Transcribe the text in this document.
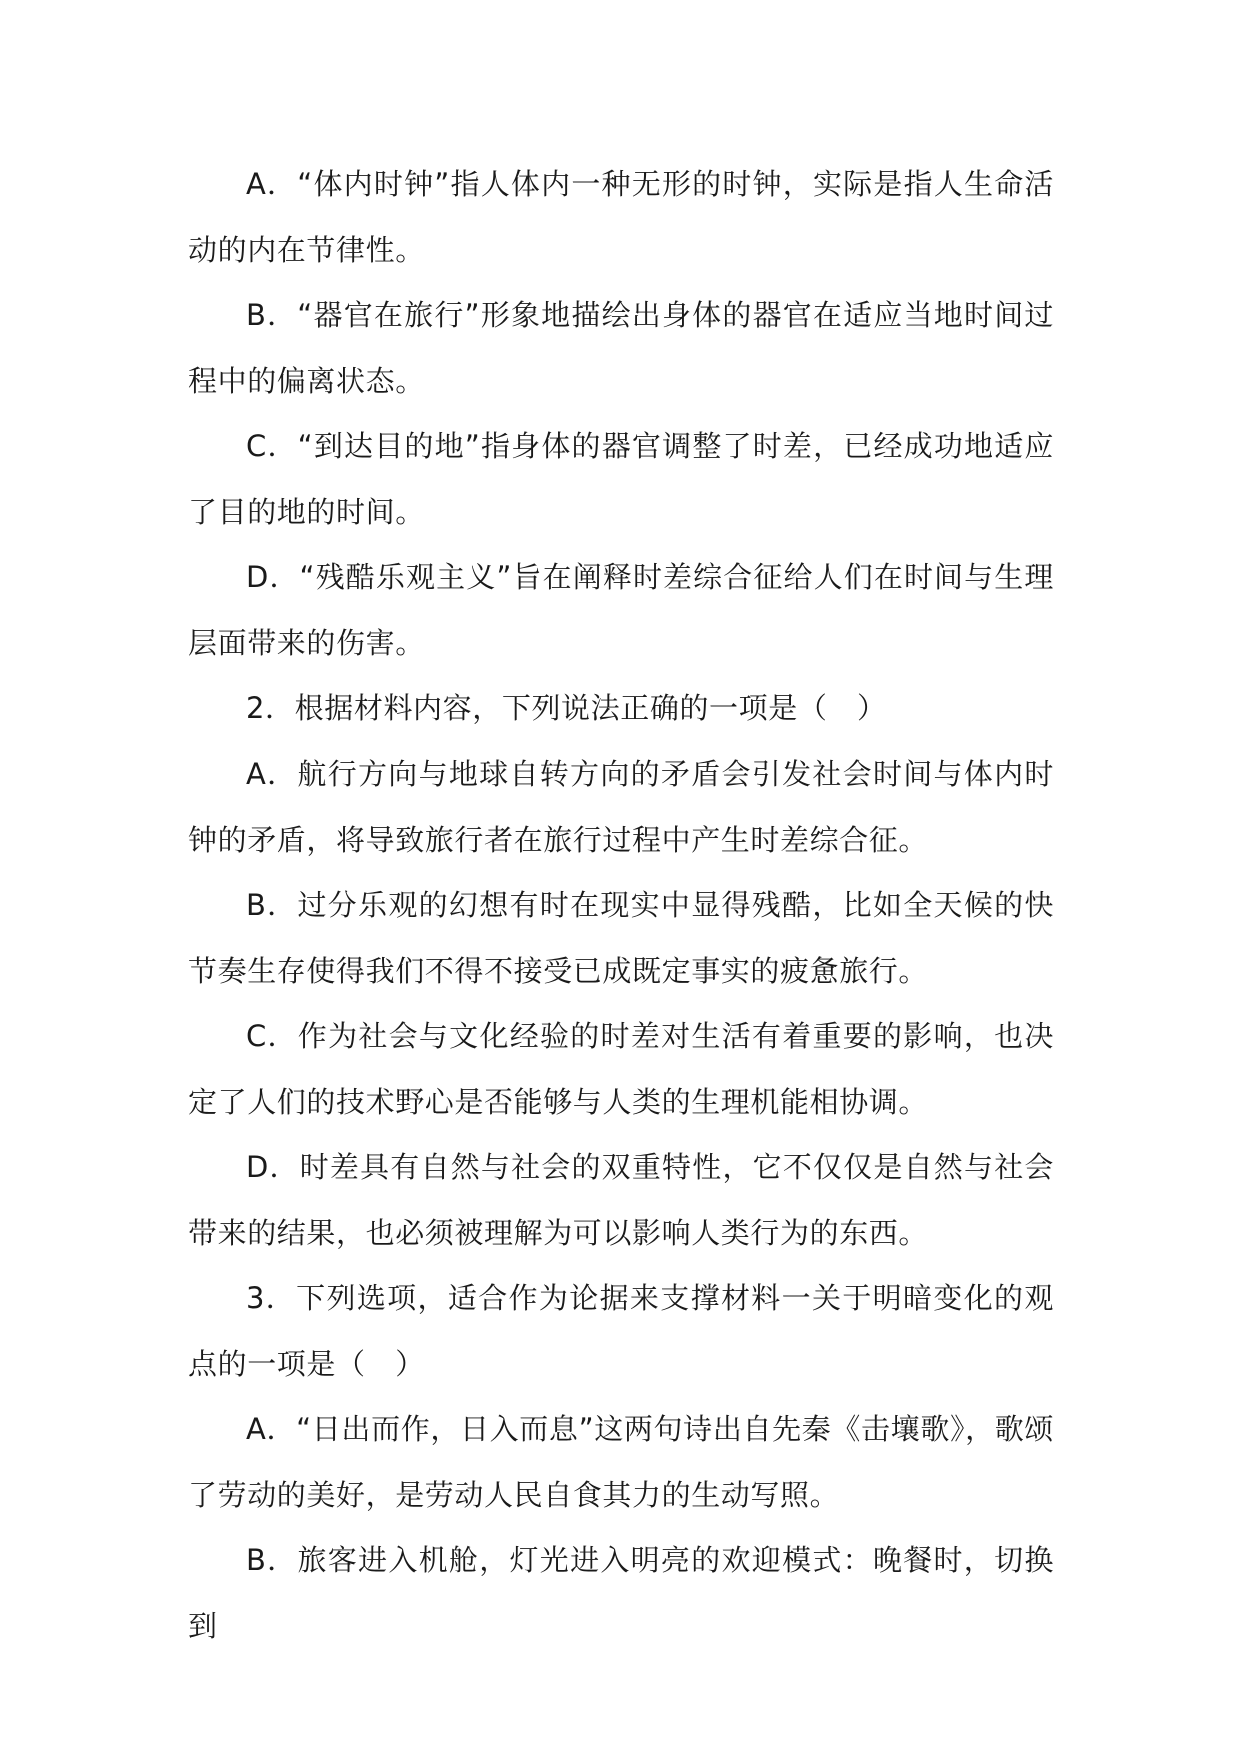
A．“体内时钟”指人体内一种无形的时钟，实际是指人生命活动的内在节律性。

B．“器官在旅行”形象地描绘出身体的器官在适应当地时间过程中的偏离状态。

C．“到达目的地”指身体的器官调整了时差，已经成功地适应了目的地的时间。

D．“残酷乐观主义”旨在阐释时差综合征给人们在时间与生理层面带来的伤害。

2．根据材料内容，下列说法正确的一项是（　）

A．航行方向与地球自转方向的矛盾会引发社会时间与体内时钟的矛盾，将导致旅行者在旅行过程中产生时差综合征。

B．过分乐观的幻想有时在现实中显得残酷，比如全天候的快节奏生存使得我们不得不接受已成既定事实的疲惫旅行。

C．作为社会与文化经验的时差对生活有着重要的影响，也决定了人们的技术野心是否能够与人类的生理机能相协调。

D．时差具有自然与社会的双重特性，它不仅仅是自然与社会带来的结果，也必须被理解为可以影响人类行为的东西。

3．下列选项，适合作为论据来支撑材料一关于明暗变化的观点的一项是（　）

A．“日出而作，日入而息”这两句诗出自先秦《击壤歌》，歌颂了劳动的美好，是劳动人民自食其力的生动写照。

B．旅客进入机舱，灯光进入明亮的欢迎模式：晚餐时，切换到
